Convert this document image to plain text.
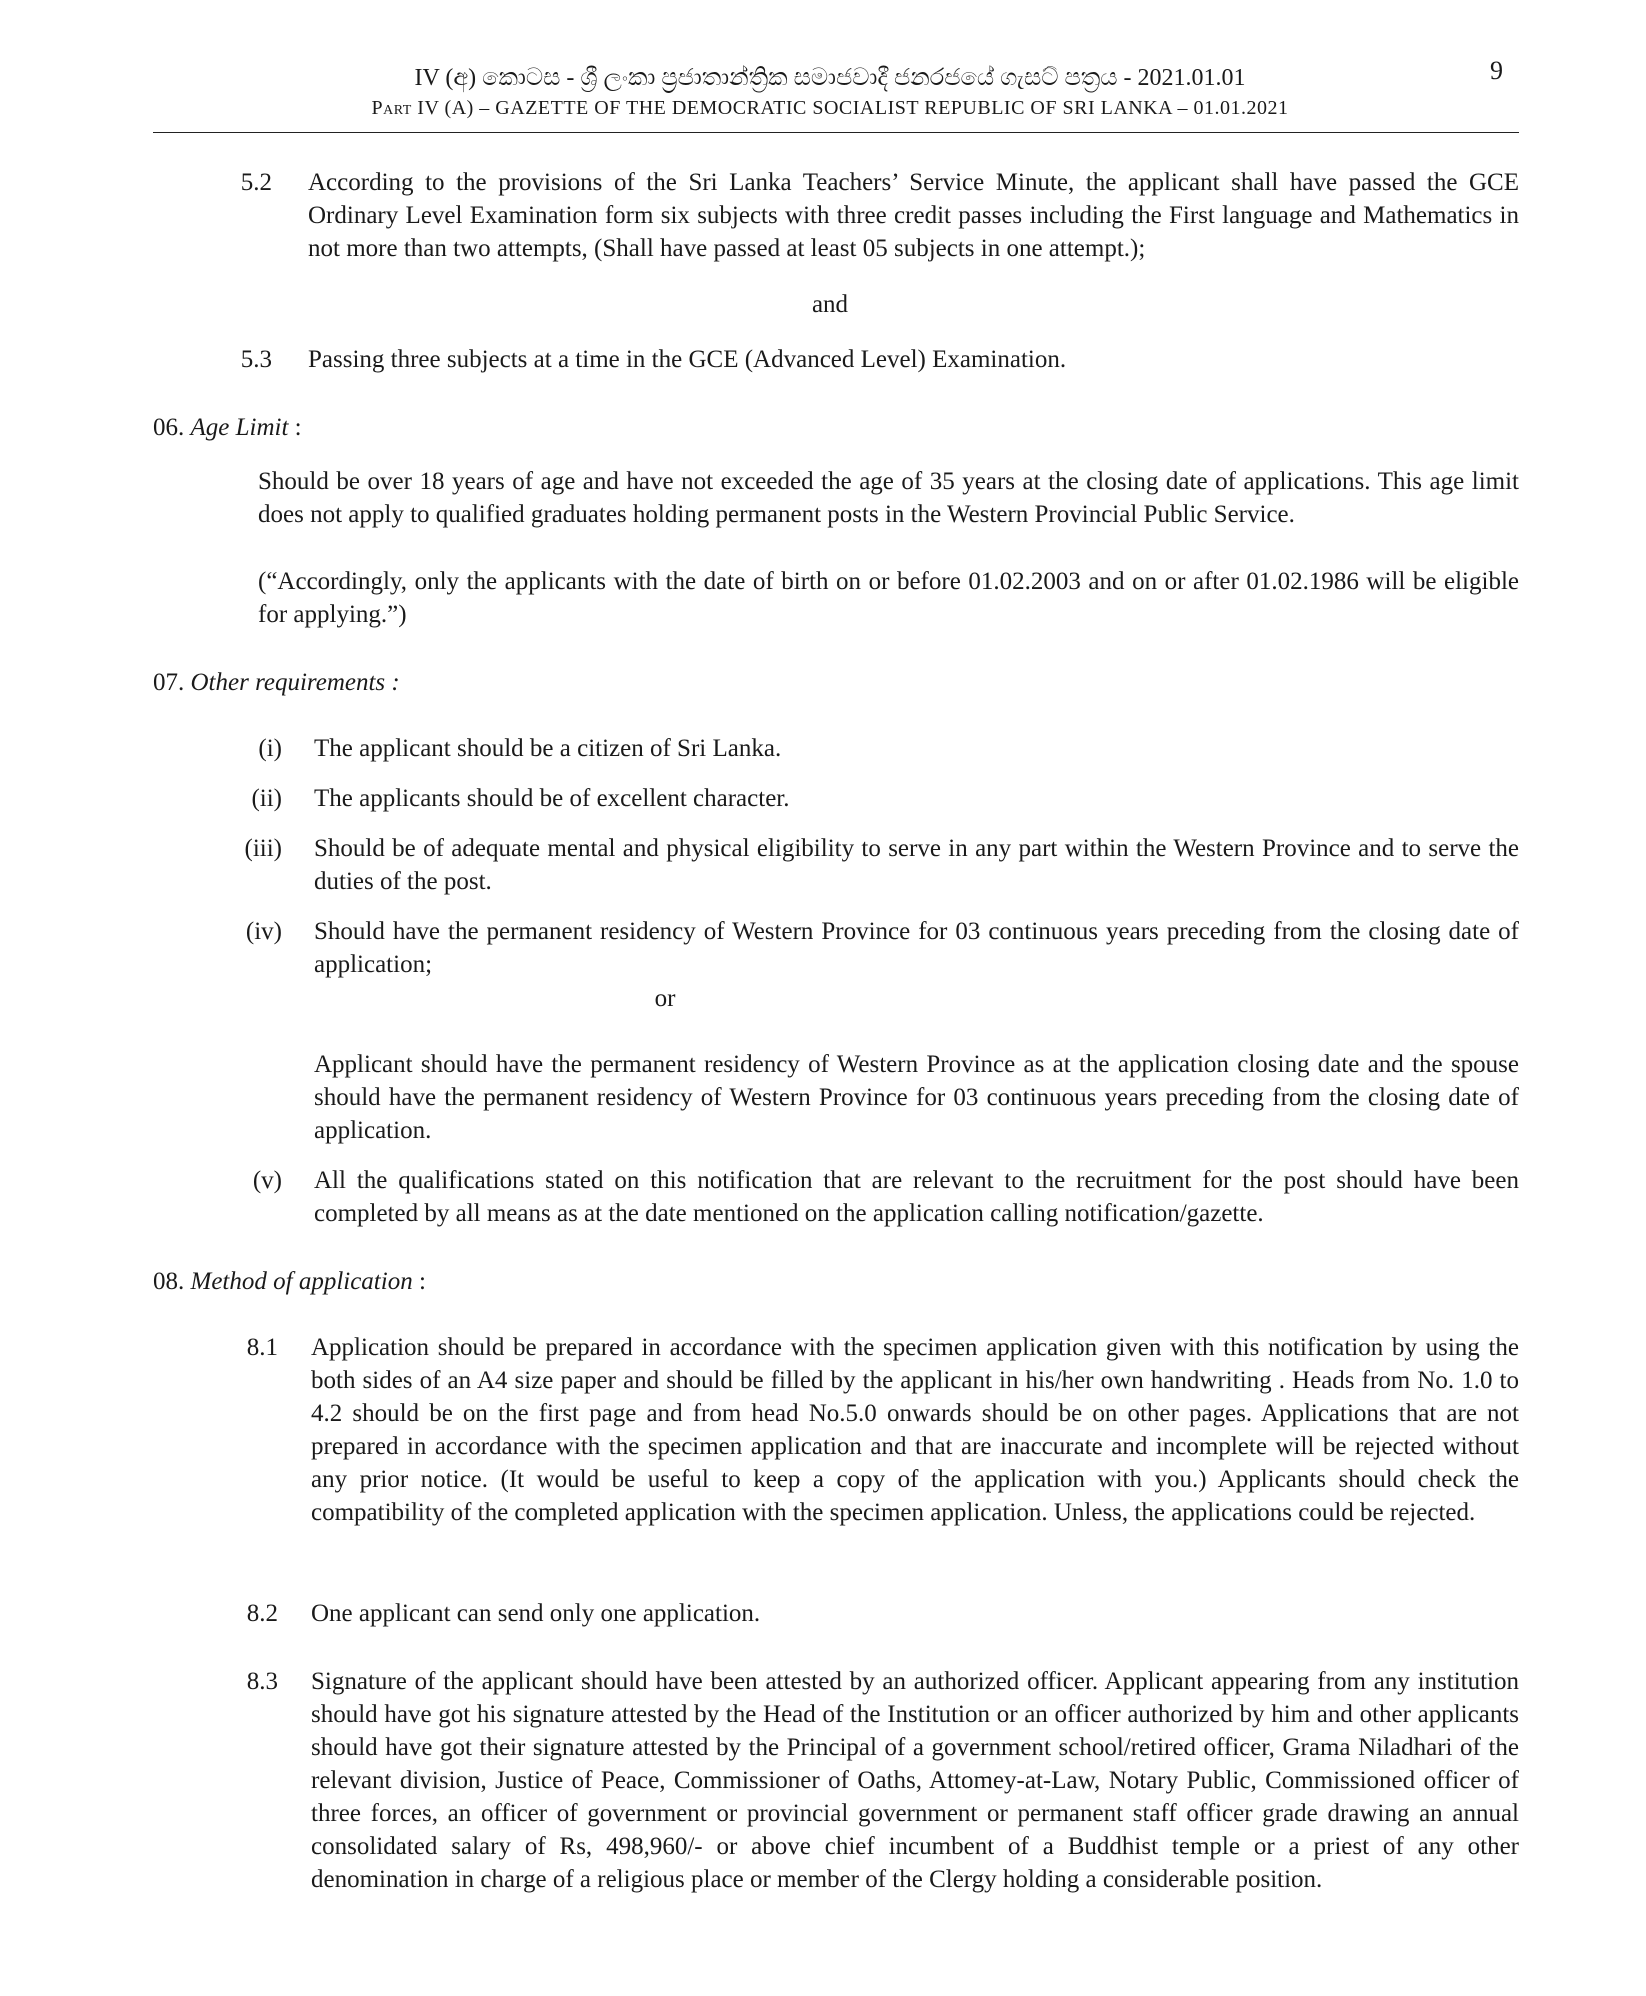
IV (අ) කොටස - ශ්‍රී ලංකා ප්‍රජාතාන්ත්‍රික සමාජවාදී ජනරජයේ ගැසට් පත්‍රය - 2021.01.01
Part IV (A) – GAZETTE OF THE DEMOCRATIC SOCIALIST REPUBLIC OF SRI LANKA – 01.01.2021
9
5.2 According to the provisions of the Sri Lanka Teachers’ Service Minute, the applicant shall have passed the GCE Ordinary Level Examination form six subjects with three credit passes including the First language and Mathematics in not more than two attempts, (Shall have passed at least 05 subjects in one attempt.);
and
5.3 Passing three subjects at a time in the GCE (Advanced Level) Examination.
06. Age Limit :
Should be over 18 years of age and have not exceeded the age of 35 years at the closing date of applications. This age limit does not apply to qualified graduates holding permanent posts in the Western Provincial Public Service.
(“Accordingly, only the applicants with the date of birth on or before 01.02.2003 and on or after 01.02.1986 will be eligible for applying.”)
07. Other requirements :
(i) The applicant should be a citizen of Sri Lanka.
(ii) The applicants should be of excellent character.
(iii) Should be of adequate mental and physical eligibility to serve in any part within the Western Province and to serve the duties of the post.
(iv) Should have the permanent residency of Western Province for 03 continuous years preceding from the closing date of application;
or
Applicant should have the permanent residency of Western Province as at the application closing date and the spouse should have the permanent residency of Western Province for 03 continuous years preceding from the closing date of application.
(v) All the qualifications stated on this notification that are relevant to the recruitment for the post should have been completed by all means as at the date mentioned on the application calling notification/gazette.
08. Method of application :
8.1 Application should be prepared in accordance with the specimen application given with this notification by using the both sides of an A4 size paper and should be filled by the applicant in his/her own handwriting . Heads from No. 1.0 to 4.2 should be on the first page and from head No.5.0 onwards should be on other pages. Applications that are not prepared in accordance with the specimen application and that are inaccurate and incomplete will be rejected without any prior notice. (It would be useful to keep a copy of the application with you.) Applicants should check the compatibility of the completed application with the specimen application. Unless, the applications could be rejected.
8.2 One applicant can send only one application.
8.3 Signature of the applicant should have been attested by an authorized officer. Applicant appearing from any institution should have got his signature attested by the Head of the Institution or an officer authorized by him and other applicants should have got their signature attested by the Principal of a government school/retired officer, Grama Niladhari of the relevant division, Justice of Peace, Commissioner of Oaths, Attomey-at-Law, Notary Public, Commissioned officer of three forces, an officer of government or provincial government or permanent staff officer grade drawing an annual consolidated salary of Rs, 498,960/- or above chief incumbent of a Buddhist temple or a priest of any other denomination in charge of a religious place or member of the Clergy holding a considerable position.
